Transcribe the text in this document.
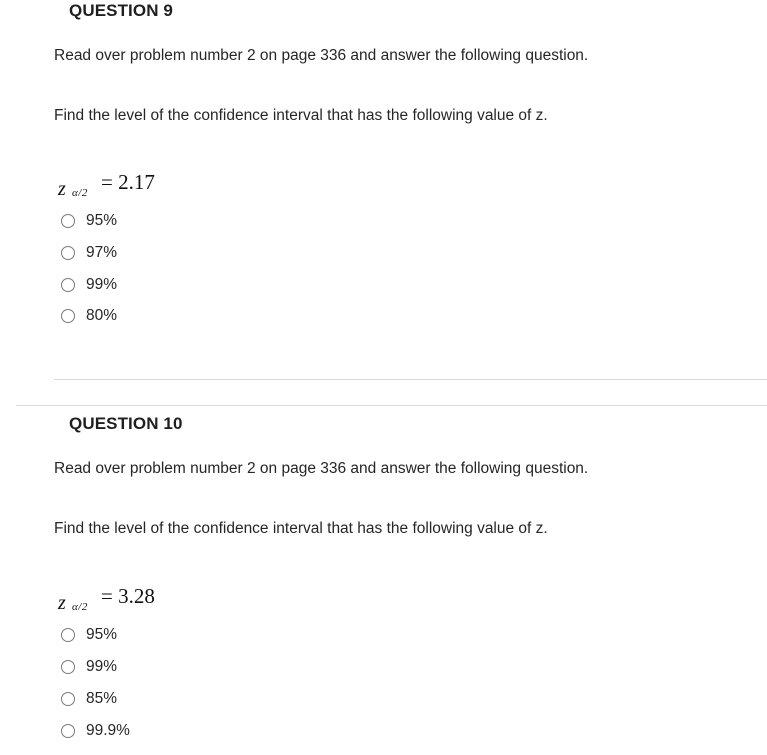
QUESTION 9
Read over problem number 2 on page 336 and answer the following question.
Find the level of the confidence interval that has the following value of z.
z α/2 = 2.17
95%
97%
99%
80%
QUESTION 10
Read over problem number 2 on page 336 and answer the following question.
Find the level of the confidence interval that has the following value of z.
z α/2 = 3.28
95%
99%
85%
99.9%
